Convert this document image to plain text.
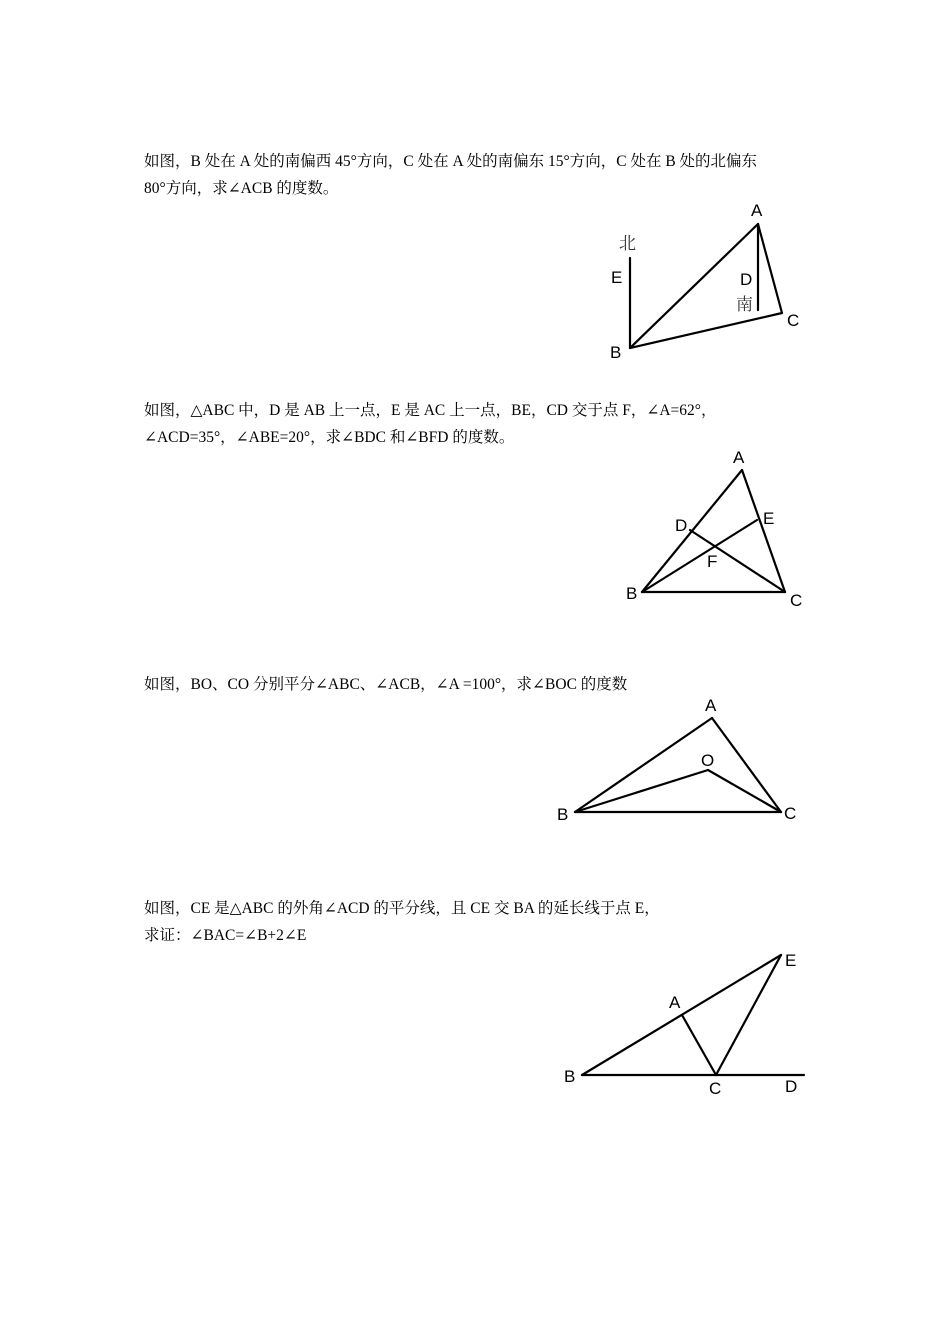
如图，B 处在 A 处的南偏西 45°方向，C 处在 A 处的南偏东 15°方向，C 处在 B 处的北偏东
80°方向，求∠ACB 的度数。

A
B
C
D
E
北
南

如图，△ABC 中，D 是 AB 上一点，E 是 AC 上一点，BE，CD 交于点 F，∠A=62°，
∠ACD=35°，∠ABE=20°，求∠BDC 和∠BFD 的度数。

A
B	C
D	E
F

如图，BO、CO 分别平分∠ABC、∠ACB，∠A =100°，求∠BOC 的度数

A
B	C
O

如图，CE 是△ABC 的外角∠ACD 的平分线，且 CE 交 BA 的延长线于点 E，
求证：∠BAC=∠B+2∠E

A
B
C	D
E
